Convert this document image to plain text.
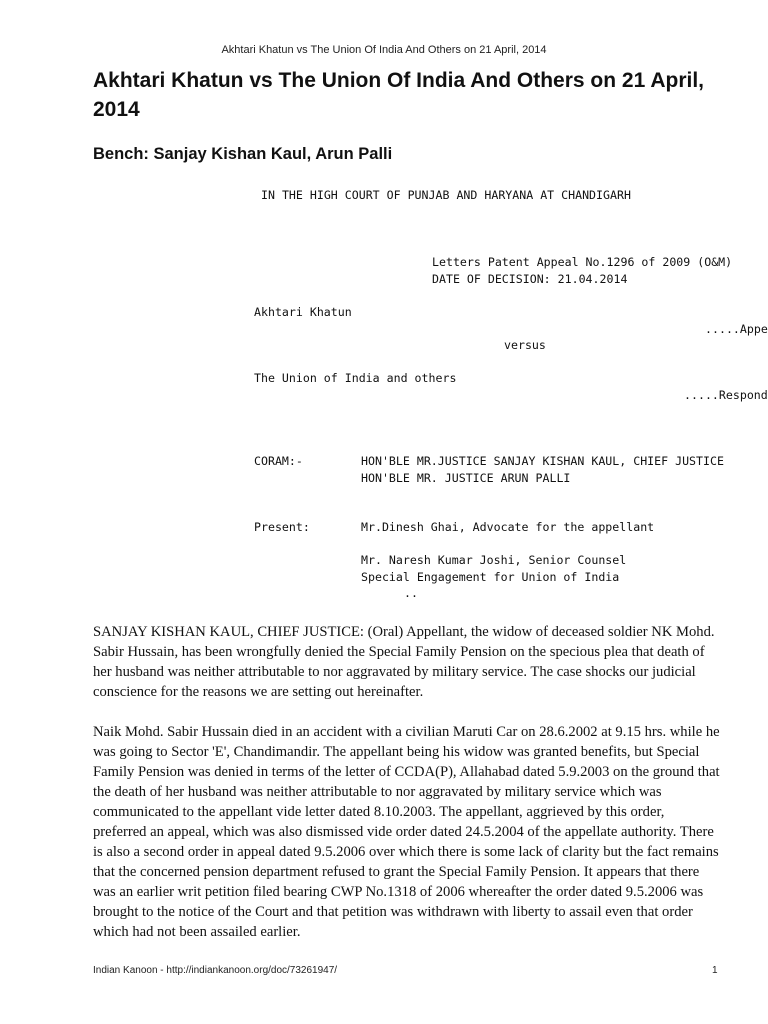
Akhtari Khatun vs The Union Of India And Others on 21 April, 2014
Akhtari Khatun vs The Union Of India And Others on 21 April, 2014
Bench: Sanjay Kishan Kaul, Arun Palli
IN THE HIGH COURT OF PUNJAB AND HARYANA AT CHANDIGARH
Letters Patent Appeal No.1296 of 2009 (O&M)
DATE OF DECISION: 21.04.2014
Akhtari Khatun
.....Appe
versus
The Union of India and others
.....Respond
CORAM:-	HON'BLE MR.JUSTICE SANJAY KISHAN KAUL, CHIEF JUSTICE
HON'BLE MR. JUSTICE ARUN PALLI
Present:	Mr.Dinesh Ghai, Advocate for the appellant
Mr. Naresh Kumar Joshi, Senior Counsel
Special Engagement for Union of India
..

SANJAY KISHAN KAUL, CHIEF JUSTICE: (Oral) Appellant, the widow of deceased soldier NK Mohd. Sabir Hussain, has been wrongfully denied the Special Family Pension on the specious plea that death of her husband was neither attributable to nor aggravated by military service. The case shocks our judicial conscience for the reasons we are setting out hereinafter.

Naik Mohd. Sabir Hussain died in an accident with a civilian Maruti Car on 28.6.2002 at 9.15 hrs. while he was going to Sector 'E', Chandimandir. The appellant being his widow was granted benefits, but Special Family Pension was denied in terms of the letter of CCDA(P), Allahabad dated 5.9.2003 on the ground that the death of her husband was neither attributable to nor aggravated by military service which was communicated to the appellant vide letter dated 8.10.2003. The appellant, aggrieved by this order, preferred an appeal, which was also dismissed vide order dated 24.5.2004 of the appellate authority. There is also a second order in appeal dated 9.5.2006 over which there is some lack of clarity but the fact remains that the concerned pension department refused to grant the Special Family Pension. It appears that there was an earlier writ petition filed bearing CWP No.1318 of 2006 whereafter the order dated 9.5.2006 was brought to the notice of the Court and that petition was withdrawn with liberty to assail even that order which had not been assailed earlier.

Indian Kanoon - http://indiankanoon.org/doc/73261947/	1
